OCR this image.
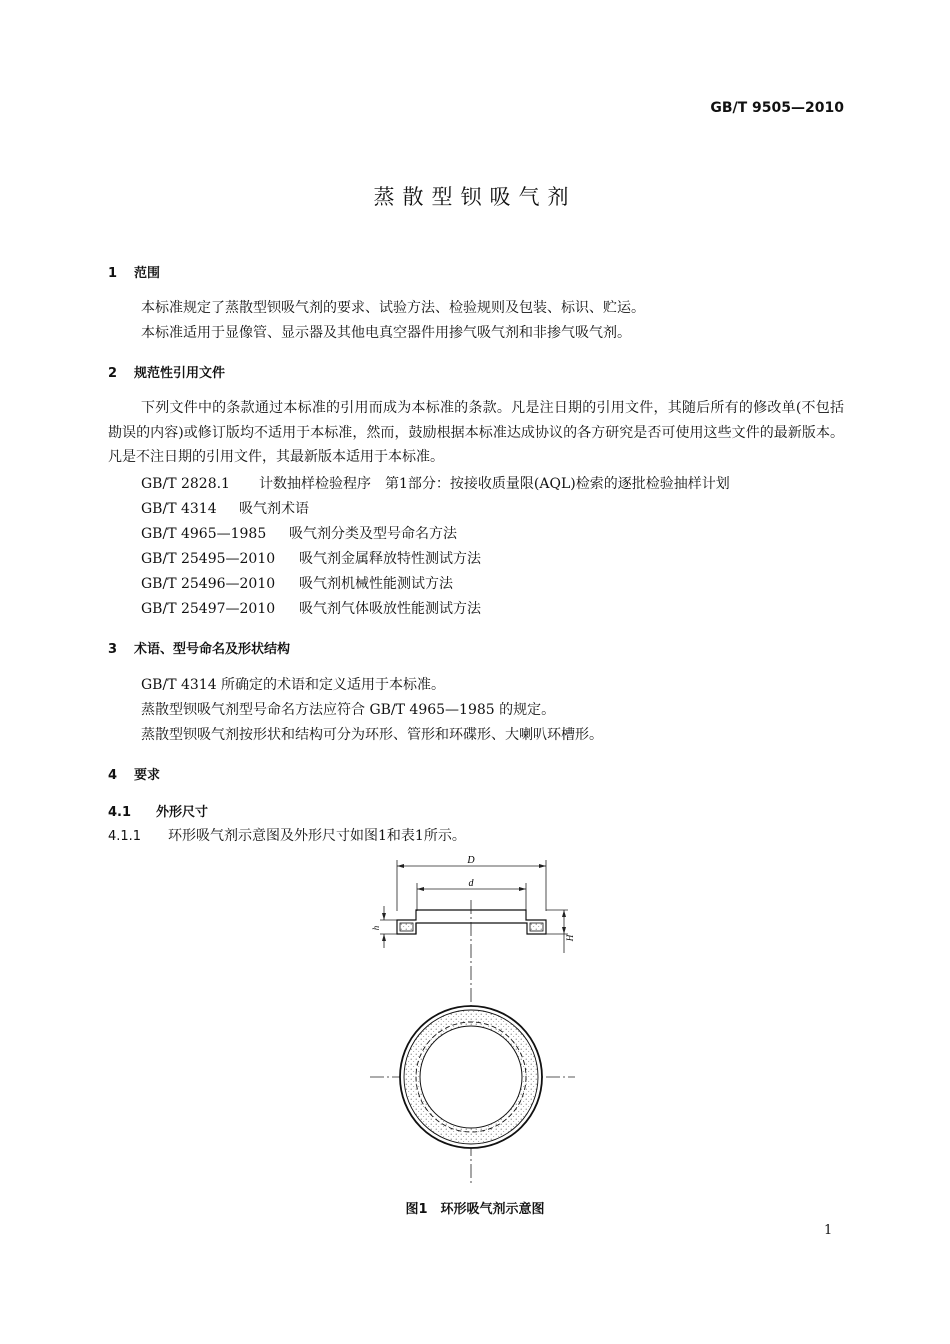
GB/T 9505—2010
蒸散型钡吸气剂
1 范围
本标准规定了蒸散型钡吸气剂的要求、试验方法、检验规则及包装、标识、贮运。
本标准适用于显像管、显示器及其他电真空器件用掺气吸气剂和非掺气吸气剂。
2 规范性引用文件
下列文件中的条款通过本标准的引用而成为本标准的条款。凡是注日期的引用文件，其随后所有的修改单(不包括勘误的内容)或修订版均不适用于本标准，然而，鼓励根据本标准达成协议的各方研究是否可使用这些文件的最新版本。凡是不注日期的引用文件，其最新版本适用于本标准。
GB/T 2828.1 计数抽样检验程序　第1部分：按接收质量限(AQL)检索的逐批检验抽样计划
GB/T 4314 吸气剂术语
GB/T 4965—1985 吸气剂分类及型号命名方法
GB/T 25495—2010 吸气剂金属释放特性测试方法
GB/T 25496—2010 吸气剂机械性能测试方法
GB/T 25497—2010 吸气剂气体吸放性能测试方法
3 术语、型号命名及形状结构
GB/T 4314 所确定的术语和定义适用于本标准。
蒸散型钡吸气剂型号命名方法应符合 GB/T 4965—1985 的规定。
蒸散型钡吸气剂按形状和结构可分为环形、管形和环碟形、大喇叭环槽形。
4 要求
4.1 外形尺寸
4.1.1 环形吸气剂示意图及外形尺寸如图1和表1所示。
D
d
h
H
图1　环形吸气剂示意图
1
